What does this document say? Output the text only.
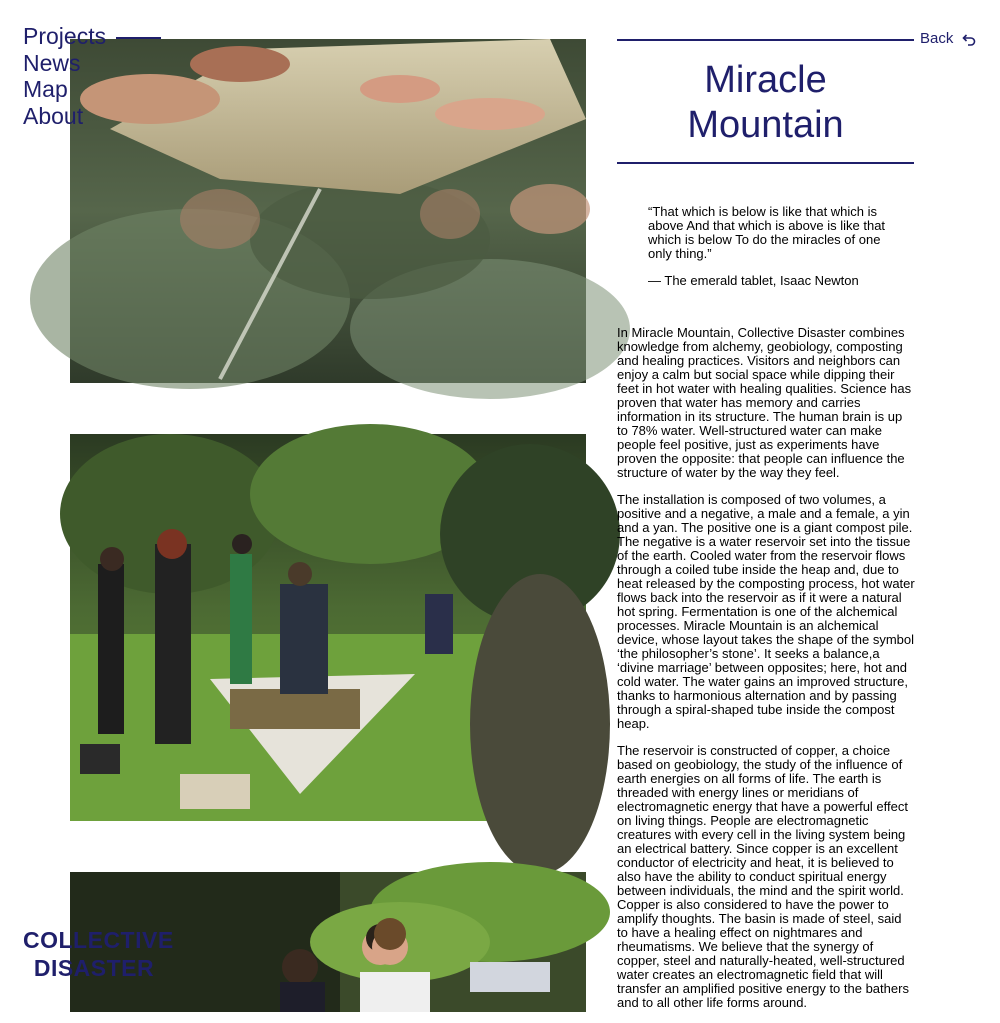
Projects
News
Map
About
COLLECTIVE
DISASTER
Back
Miracle
Mountain

“That which is below is like that which is above And that which is above is like that which is below To do the miracles of one only thing.”

— The emerald tablet, Isaac Newton

In Miracle Mountain, Collective Disaster combines knowledge from alchemy, geobiology, composting and healing practices. Visitors and neighbors can enjoy a calm but social space while dipping their feet in hot water with healing qualities. Science has proven that water has memory and carries information in its structure. The human brain is up to 78% water. Well-structured water can make people feel positive, just as experiments have proven the opposite: that people can influence the structure of water by the way they feel.

The installation is composed of two volumes, a positive and a negative, a male and a female, a yin and a yan. The positive one is a giant compost pile. The negative is a water reservoir set into the tissue of the earth. Cooled water from the reservoir flows through a coiled tube inside the heap and, due to heat released by the composting process, hot water flows back into the reservoir as if it were a natural hot spring. Fermentation is one of the alchemical processes. Miracle Mountain is an alchemical device, whose layout takes the shape of the symbol ‘the philosopher’s stone’. It seeks a balance,a ‘divine marriage’ between opposites; here, hot and cold water. The water gains an improved structure, thanks to harmonious alternation and by passing through a spiral-shaped tube inside the compost heap.

The reservoir is constructed of copper, a choice based on geobiology, the study of the influence of earth energies on all forms of life. The earth is threaded with energy lines or meridians of electromagnetic energy that have a powerful effect on living things. People are electromagnetic creatures with every cell in the living system being an electrical battery. Since copper is an excellent conductor of electricity and heat, it is believed to also have the ability to conduct spiritual energy between individuals, the mind and the spirit world. Copper is also considered to have the power to amplify thoughts. The basin is made of steel, said to have a healing effect on nightmares and rheumatisms. We believe that the synergy of copper, steel and naturally-heated, well-structured water creates an electromagnetic field that will transfer an amplified positive energy to the bathers and to all other life forms around.
